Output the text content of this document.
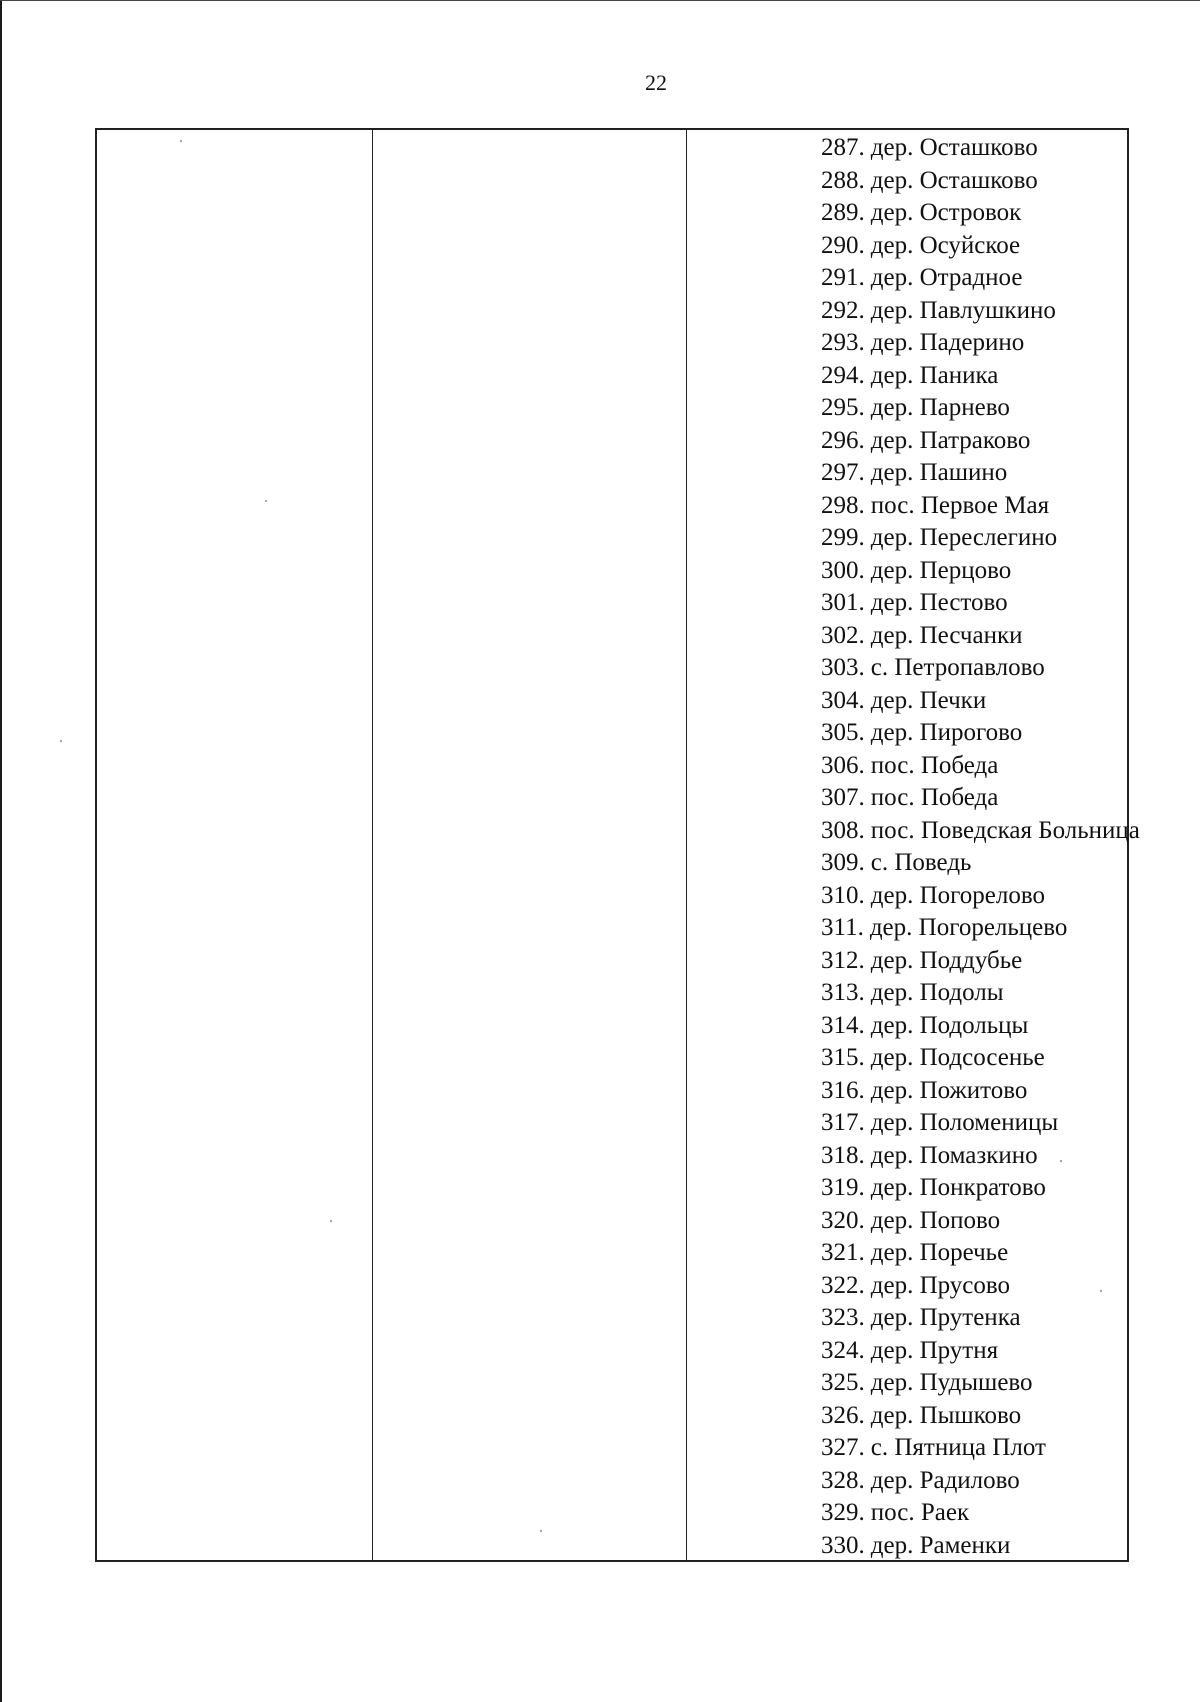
22
287. дер. Осташково
288. дер. Осташково
289. дер. Островок
290. дер. Осуйское
291. дер. Отрадное
292. дер. Павлушкино
293. дер. Падерино
294. дер. Паника
295. дер. Парнево
296. дер. Патраково
297. дер. Пашино
298. пос. Первое Мая
299. дер. Переслегино
300. дер. Перцово
301. дер. Пестово
302. дер. Песчанки
303. с. Петропавлово
304. дер. Печки
305. дер. Пирогово
306. пос. Победа
307. пос. Победа
308. пос. Поведская Больница
309. с. Поведь
310. дер. Погорелово
311. дер. Погорельцево
312. дер. Поддубье
313. дер. Подолы
314. дер. Подольцы
315. дер. Подсосенье
316. дер. Пожитово
317. дер. Поломеницы
318. дер. Помазкино
319. дер. Понкратово
320. дер. Попово
321. дер. Поречье
322. дер. Прусово
323. дер. Прутенка
324. дер. Прутня
325. дер. Пудышево
326. дер. Пышково
327. с. Пятница Плот
328. дер. Радилово
329. пос. Раек
330. дер. Раменки
